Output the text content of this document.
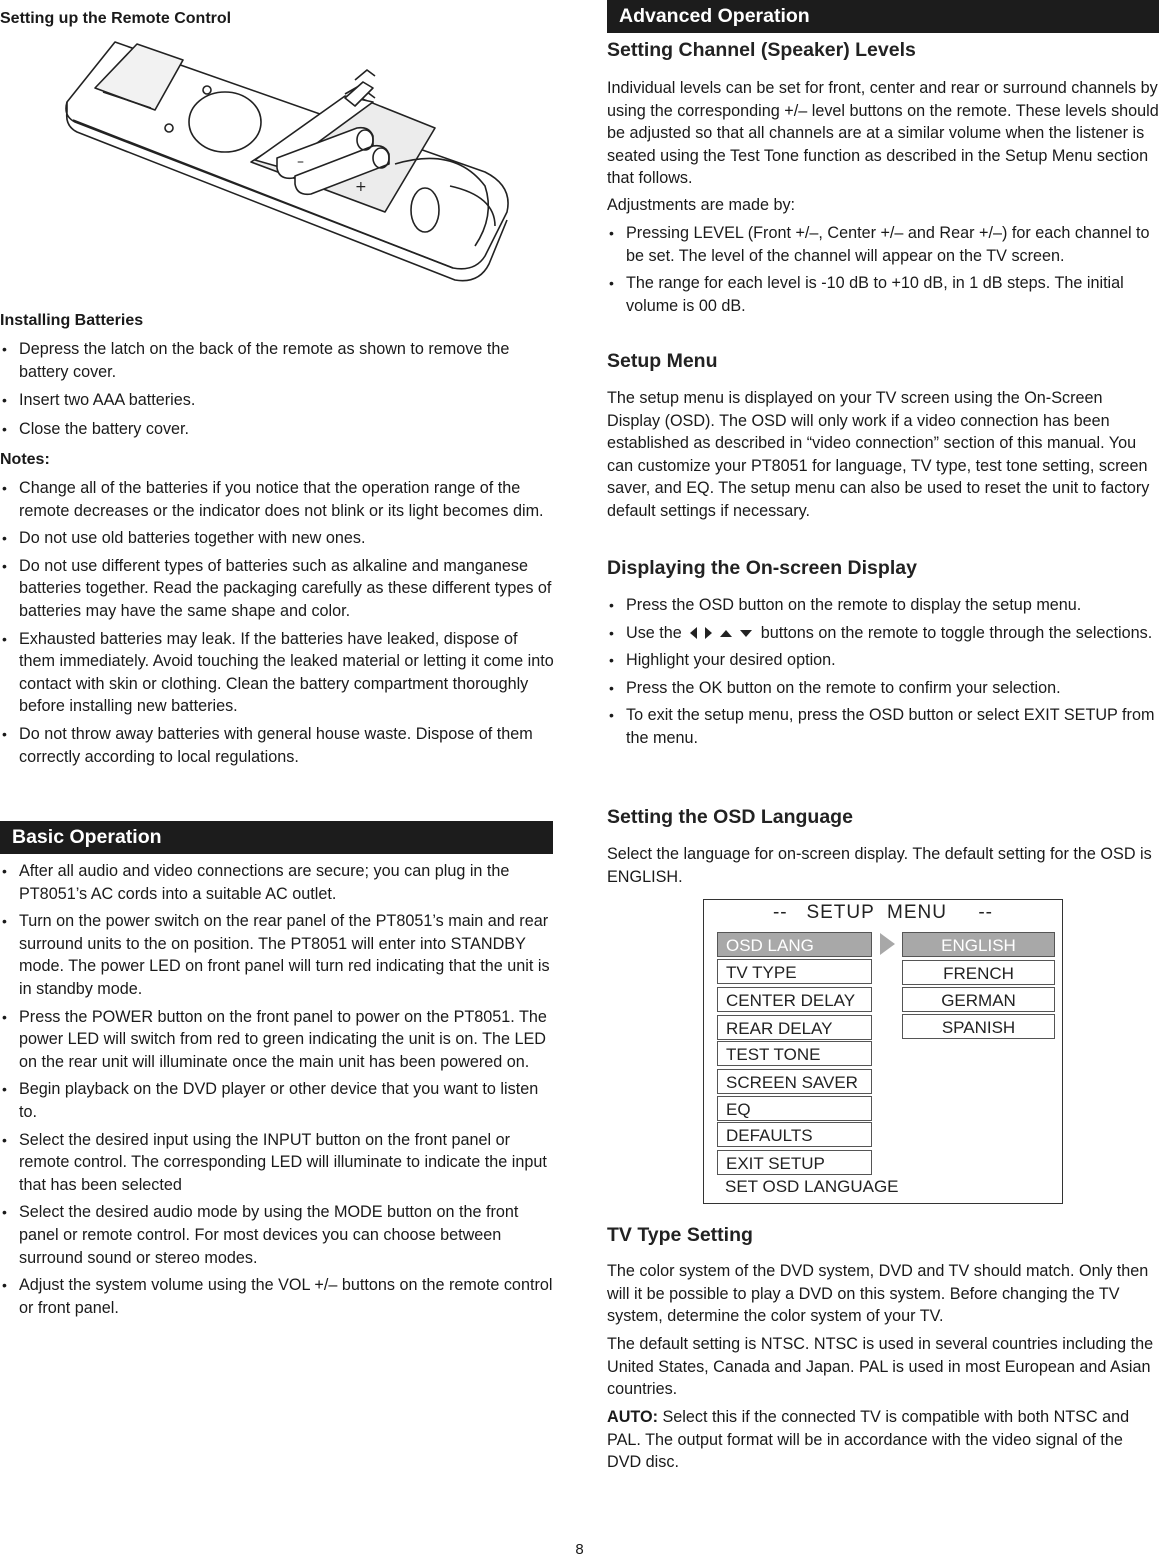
Setting up the Remote Control

–
+

Installing Batteries

• Depress the latch on the back of the remote as shown to remove the battery cover.
• Insert two AAA batteries.
• Close the battery cover.

Notes:

• Change all of the batteries if you notice that the operation range of the remote decreases or the indicator does not blink or its light becomes dim.
• Do not use old batteries together with new ones.
• Do not use different types of batteries such as alkaline and manganese batteries together. Read the packaging carefully as these different types of batteries may have the same shape and color.
• Exhausted batteries may leak. If the batteries have leaked, dispose of them immediately. Avoid touching the leaked material or letting it come into contact with skin or clothing. Clean the battery compartment thoroughly before installing new batteries.
• Do not throw away batteries with general house waste. Dispose of them correctly according to local regulations.
Basic Operation
• After all audio and video connections are secure; you can plug in the PT8051’s AC cords into a suitable AC outlet.
• Turn on the power switch on the rear panel of the PT8051’s main and rear surround units to the on position. The PT8051 will enter into STANDBY mode. The power LED on front panel will turn red indicating that the unit is in standby mode.
• Press the POWER button on the front panel to power on the PT8051. The power LED will switch from red to green indicating the unit is on. The LED on the rear unit will illuminate once the main unit has been powered on.
• Begin playback on the DVD player or other device that you want to listen to.
• Select the desired input using the INPUT button on the front panel or remote control. The corresponding LED will illuminate to indicate the input that has been selected
• Select the desired audio mode by using the MODE button on the front panel or remote control. For most devices you can choose between surround sound or stereo modes.
• Adjust the system volume using the VOL +/– buttons on the remote control or front panel.
Advanced Operation

Setting Channel (Speaker) Levels

Individual levels can be set for front, center and rear or surround channels by using the corresponding +/– level buttons on the remote. These levels should be adjusted so that all channels are at a similar volume when the listener is seated using the Test Tone function as described in the Setup Menu section that follows.

Adjustments are made by:

• Pressing LEVEL (Front +/–, Center +/– and Rear +/–) for each channel to be set. The level of the channel will appear on the TV screen.
• The range for each level is -10 dB to +10 dB, in 1 dB steps. The initial volume is 00 dB.

Setup Menu

The setup menu is displayed on your TV screen using the On-Screen Display (OSD). The OSD will only work if a video connection has been established as described in “video connection” section of this manual. You can customize your PT8051 for language, TV type, test tone setting, screen saver, and EQ. The setup menu can also be used to reset the unit to factory default settings if necessary.

Displaying the On-screen Display

• Press the OSD button on the remote to display the setup menu.
• Use the	buttons on the remote to toggle through the selections.
• Highlight your desired option.
• Press the OK button on the remote to confirm your selection.
• To exit the setup menu, press the OSD button or select EXIT SETUP from the menu.

Setting the OSD Language

Select the language for on-screen display. The default setting for the OSD is ENGLISH.

TV Type Setting

The color system of the DVD system, DVD and TV should match. Only then will it be possible to play a DVD on this system. Before changing the TV system, determine the color system of your TV.

The default setting is NTSC. NTSC is used in several countries including the United States, Canada and Japan. PAL is used in most European and Asian countries.

AUTO: Select this if the connected TV is compatible with both NTSC and PAL. The output format will be in accordance with the video signal of the DVD disc.

--   SETUP  MENU     --
OSD LANG
TV TYPE
CENTER DELAY
REAR DELAY
TEST TONE
SCREEN SAVER
EQ
DEFAULTS
EXIT SETUP
ENGLISH
FRENCH
GERMAN
SPANISH
SET OSD LANGUAGE
8
